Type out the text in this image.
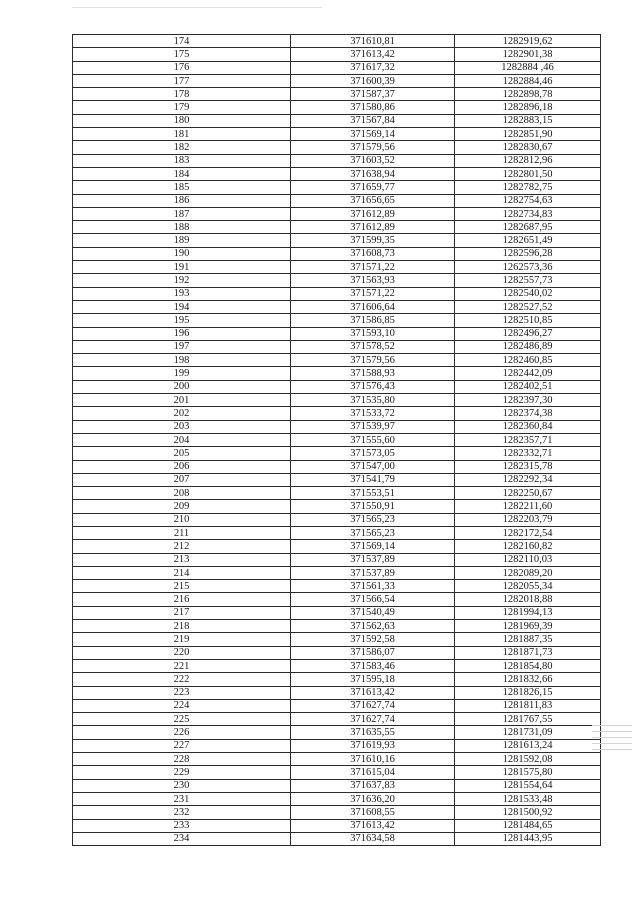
174	371610,81	1282919,62
175	371613,42	1282901,38
176	371617,32	1282884 ,46
177	371600,39	1282884,46
178	371587,37	1282898,78
179	371580,86	1282896,18
180	371567,84	1282883,15
181	371569,14	1282851,90
182	371579,56	1282830,67
183	371603,52	1282812,96
184	371638,94	1282801,50
185	371659,77	1282782,75
186	371656,65	1282754,63
187	371612,89	1282734,83
188	371612,89	1282687,95
189	371599,35	1282651,49
190	371608,73	1282596,28
191	371571,22	1262573,36
192	371563,93	1282557,73
193	371571,22	1282540,02
194	371606,64	1282527,52
195	371586,85	1282510,85
196	371593,10	1282496,27
197	371578,52	1282486,89
198	371579,56	1282460,85
199	371588,93	1282442,09
200	371576,43	1282402,51
201	371535,80	1282397,30
202	371533,72	1282374,38
203	371539,97	1282360,84
204	371555,60	1282357,71
205	371573,05	1282332,71
206	371547,00	1282315,78
207	371541,79	1282292,34
208	371553,51	1282250,67
209	371550,91	1282211,60
210	371565,23	1282203,79
211	371565,23	1282172,54
212	371569,14	1282160,82
213	371537,89	1282110,03
214	371537,89	1282089,20
215	371561,33	1282055,34
216	371566,54	1282018,88
217	371540,49	1281994,13
218	371562,63	1281969,39
219	371592,58	1281887,35
220	371586,07	1281871,73
221	371583,46	1281854,80
222	371595,18	1281832,66
223	371613,42	1281826,15
224	371627,74	1281811,83
225	371627,74	1281767,55
226	371635,55	1281731,09
227	371619,93	1281613,24
228	371610,16	1281592,08
229	371615,04	1281575,80
230	371637,83	1281554,64
231	371636,20	1281533,48
232	371608,55	1281500,92
233	371613,42	1281484,65
234	371634,58	1281443,95
